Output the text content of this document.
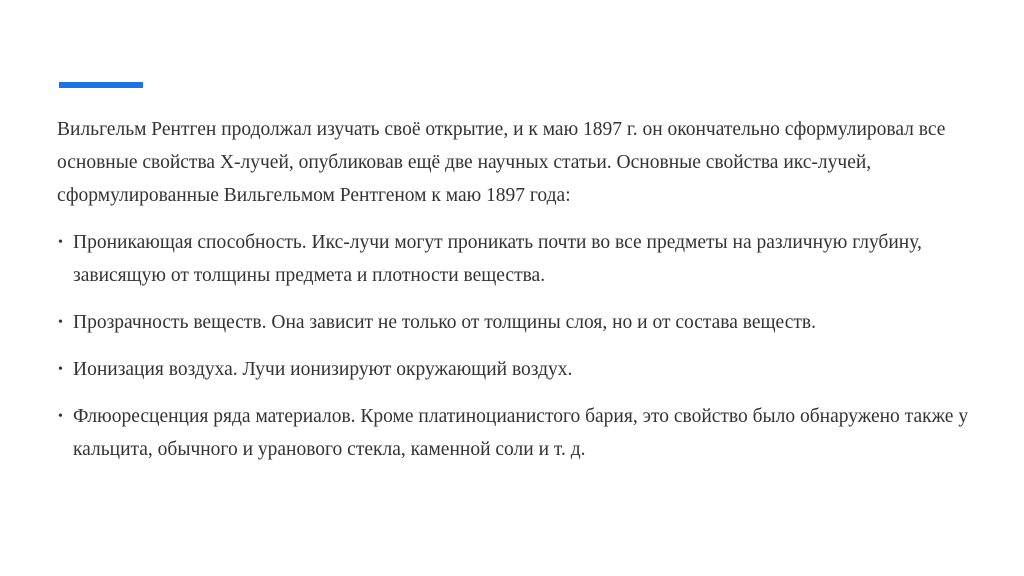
Вильгельм Рентген продолжал изучать своё открытие, и к маю 1897 г. он окончательно сформулировал все основные свойства X-лучей, опубликовав ещё две научных статьи. Основные свойства икс-лучей, сформулированные Вильгельмом Рентгеном к маю 1897 года:

• Проникающая способность. Икс-лучи могут проникать почти во все предметы на различную глубину, зависящую от толщины предмета и плотности вещества.
• Прозрачность веществ. Она зависит не только от толщины слоя, но и от состава веществ.
• Ионизация воздуха. Лучи ионизируют окружающий воздух.
• Флюоресценция ряда материалов. Кроме платиноцианистого бария, это свойство было обнаружено также у кальцита, обычного и уранового стекла, каменной соли и т. д.
